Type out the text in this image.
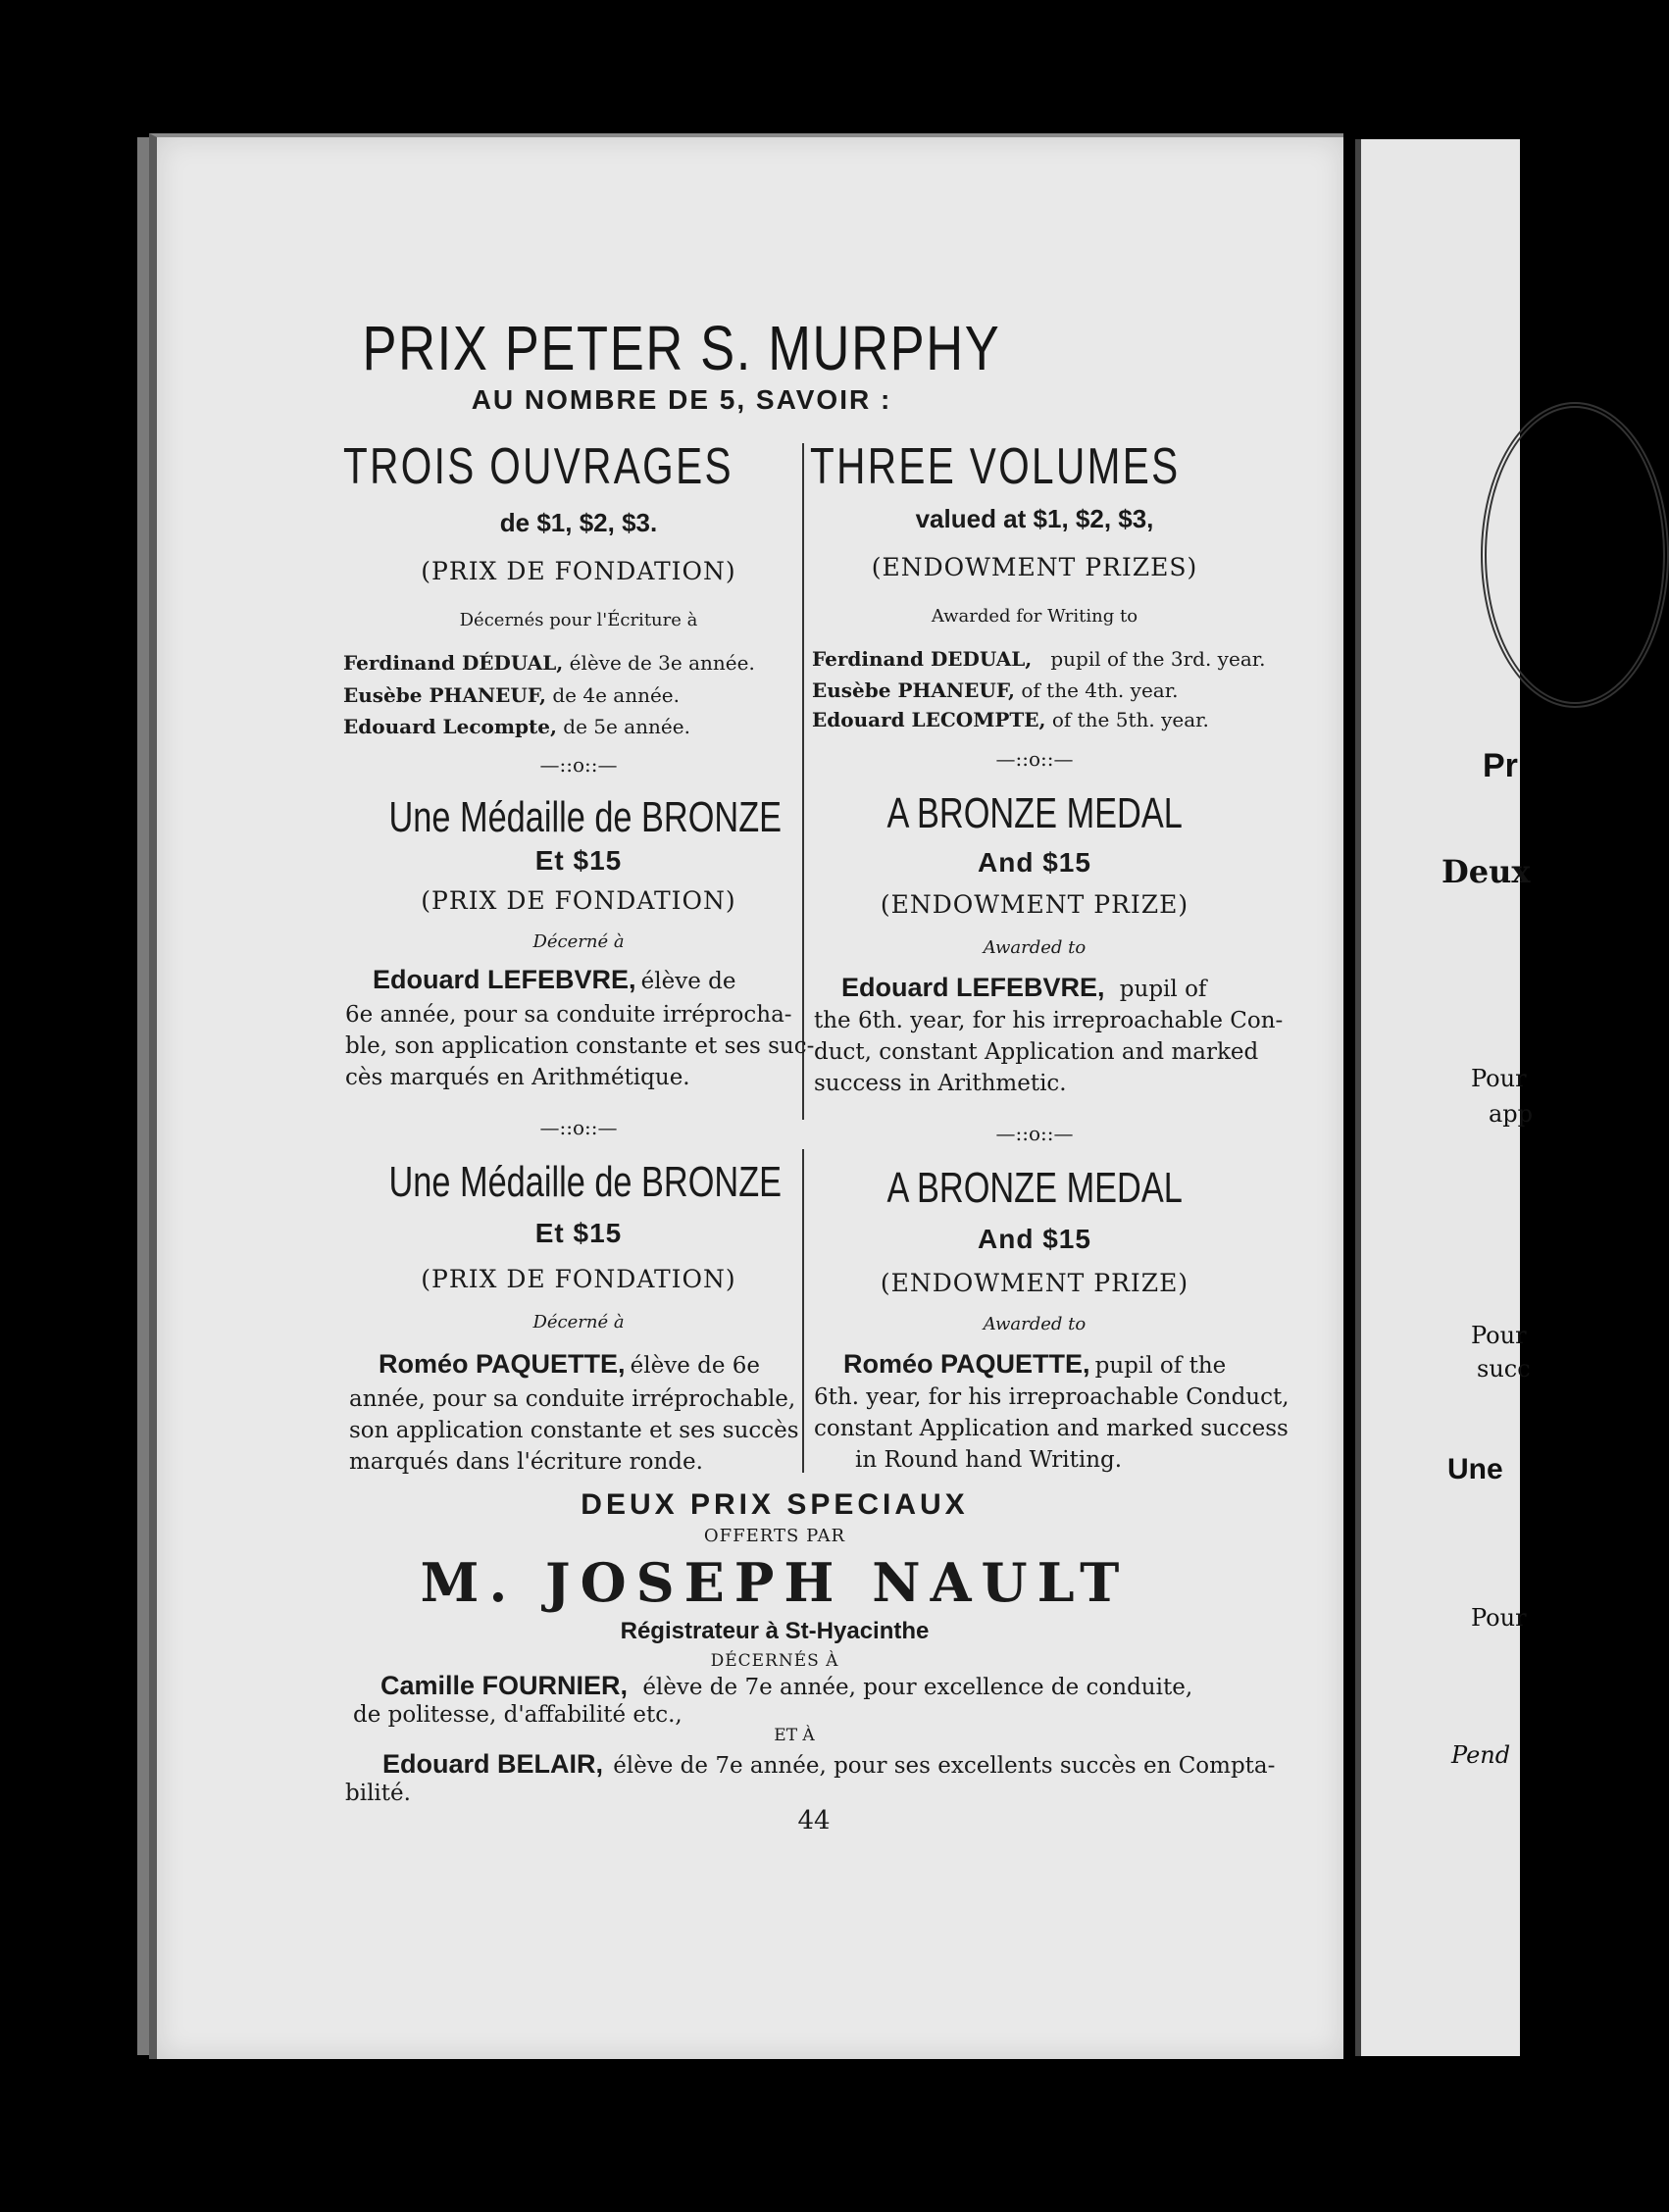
PRIX PETER S. MURPHY
AU NOMBRE DE 5, SAVOIR :
TROIS OUVRAGES	THREE VOLUMES
de $1, $2, $3.
(PRIX DE FONDATION)
Décernés pour l'Écriture à
Ferdinand DÉDUAL, élève de 3e année.
Eusèbe PHANEUF, de 4e année.
Edouard Lecompte, de 5e année.
—::o::—
Une Médaille de BRONZE
Et $15
(PRIX DE FONDATION)
Décerné à
Edouard LEFEBVRE, élève de
6e année, pour sa conduite irréprocha-
ble, son application constante et ses suc-
cès marqués en Arithmétique.
—::o::—
Une Médaille de BRONZE
Et $15
(PRIX DE FONDATION)
Décerné à
Roméo PAQUETTE, élève de 6e
année, pour sa conduite irréprochable,
son application constante et ses succès
marqués dans l'écriture ronde.
valued at $1, $2, $3,
(ENDOWMENT PRIZES)
Awarded for Writing to
Ferdinand DEDUAL, pupil of the 3rd. year.
Eusèbe PHANEUF, of the 4th. year.
Edouard LECOMPTE, of the 5th. year.
—::o::—
A BRONZE MEDAL
And $15
(ENDOWMENT PRIZE)
Awarded to
Edouard LEFEBVRE, pupil of
the 6th. year, for his irreproachable Con-
duct, constant Application and marked
success in Arithmetic.
—::o::—
A BRONZE MEDAL
And $15
(ENDOWMENT PRIZE)
Awarded to
Roméo PAQUETTE, pupil of the
6th. year, for his irreproachable Conduct,
constant Application and marked success
in Round hand Writing.
DEUX PRIX SPECIAUX
OFFERTS PAR
M. JOSEPH NAULT
Régistrateur à St-Hyacinthe
DÉCERNÉS À
Camille FOURNIER, élève de 7e année, pour excellence de conduite,
de politesse, d'affabilité etc.,
ET À
Edouard BELAIR, élève de 7e année, pour ses excellents succès en Compta-
bilité.
44
Pr
Deux
Pour
app
Pour
succ
Une
Pour
Pend
